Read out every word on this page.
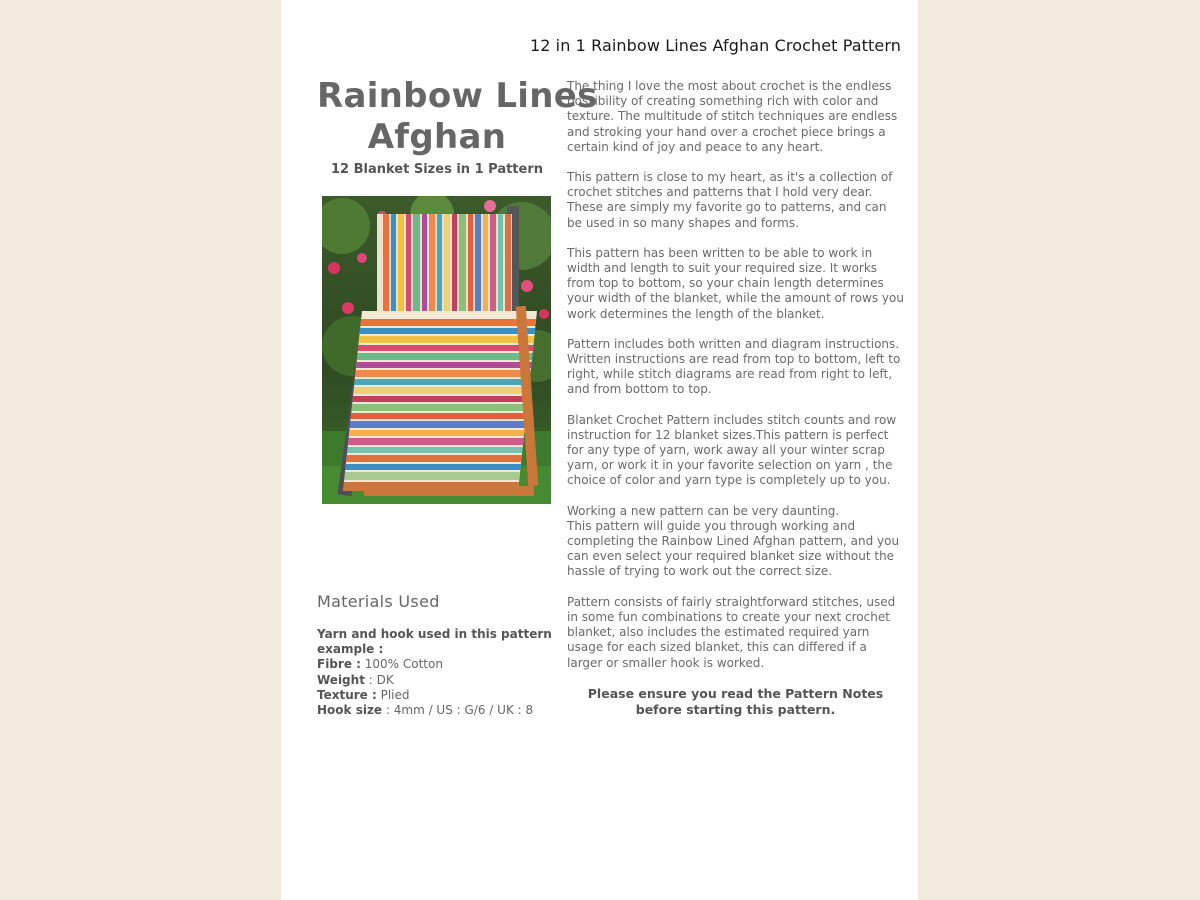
12 in 1 Rainbow Lines Afghan Crochet Pattern
Rainbow Lines
Afghan
12 Blanket Sizes in 1 Pattern
Materials Used
Yarn and hook used in this pattern example :
Fibre : 100% Cotton
Weight : DK
Texture : Plied
Hook size : 4mm / US : G/6 / UK : 8

The thing I love the most about crochet is the endless possibility of creating something rich with color and texture. The multitude of stitch techniques are endless and stroking your hand over a crochet piece brings a certain kind of joy and peace to any heart.

This pattern is close to my heart, as it's a collection of crochet stitches and patterns that I hold very dear. These are simply my favorite go to patterns, and can be used in so many shapes and forms.

This pattern has been written to be able to work in width and length to suit your required size. It works from top to bottom, so your chain length determines your width of the blanket, while the amount of rows you work determines the length of the blanket.

Pattern includes both written and diagram instructions. Written instructions are read from top to bottom, left to right, while stitch diagrams are read from right to left, and from bottom to top.

Blanket Crochet Pattern includes stitch counts and row instruction for 12 blanket sizes.This pattern is perfect for any type of yarn, work away all your winter scrap yarn, or work it in your favorite selection on yarn , the choice of color and yarn type is completely up to you.

Working a new pattern can be very daunting.
This pattern will guide you through working and completing the Rainbow Lined Afghan pattern, and you can even select your required blanket size without the hassle of trying to work out the correct size.

Pattern consists of fairly straightforward stitches, used in some fun combinations to create your next crochet blanket, also includes the estimated required yarn usage for each sized blanket, this can differed if a larger or smaller hook is worked.

Please ensure you read the Pattern Notes before starting this pattern.
